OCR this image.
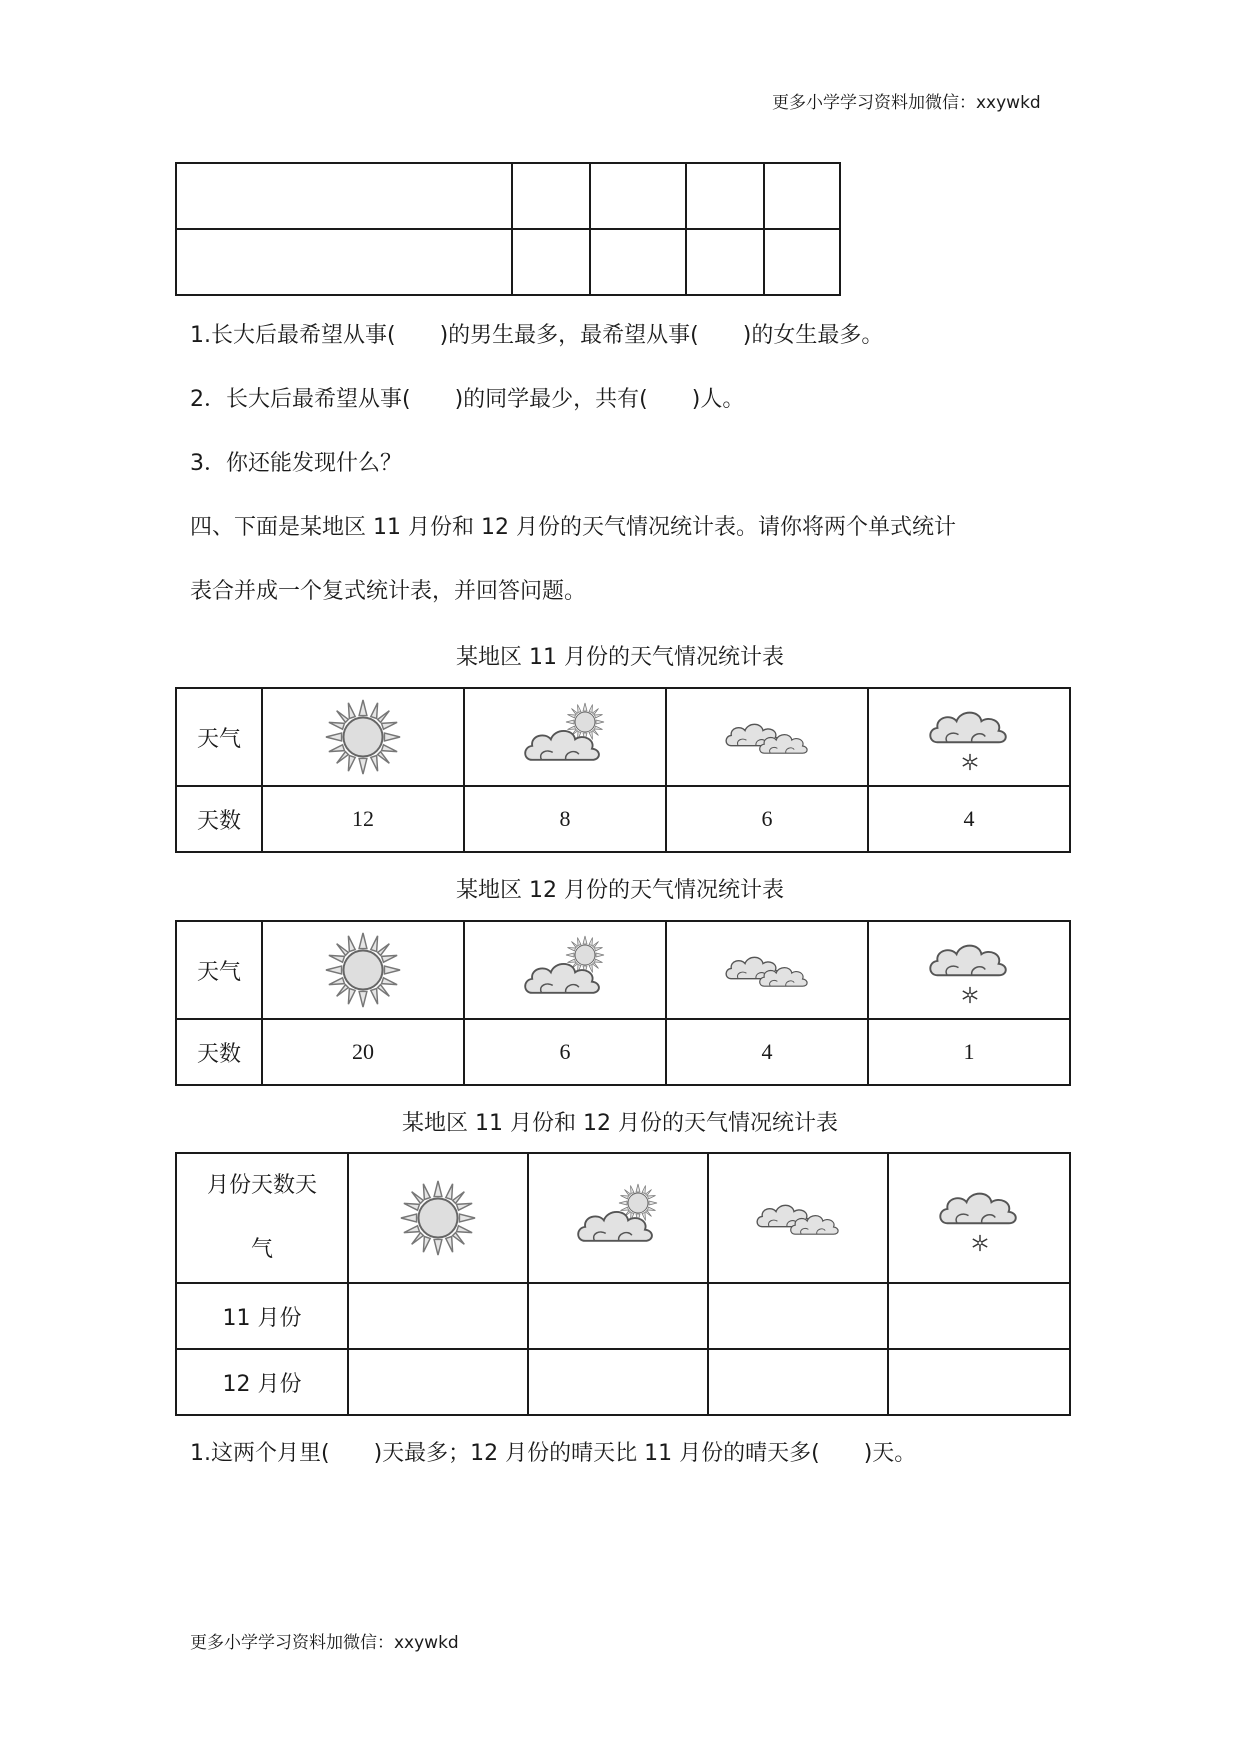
更多小学学习资料加微信：xxywkd

1.长大后最希望从事(　　)的男生最多，最希望从事(　　)的女生最多。
2．长大后最希望从事(　　)的同学最少，共有(　　)人。
3．你还能发现什么？
四、下面是某地区 11 月份和 12 月份的天气情况统计表。请你将两个单式统计
表合并成一个复式统计表，并回答问题。
某地区 11 月份的天气情况统计表
天气	

天数	12	8	6	4
某地区 12 月份的天气情况统计表
天气	

天数	20	6	4	1
某地区 11 月份和 12 月份的天气情况统计表
月份天数天
气

11 月份				
12 月份				
1.这两个月里(　　)天最多；12 月份的晴天比 11 月份的晴天多(　　)天。
更多小学学习资料加微信：xxywkd
